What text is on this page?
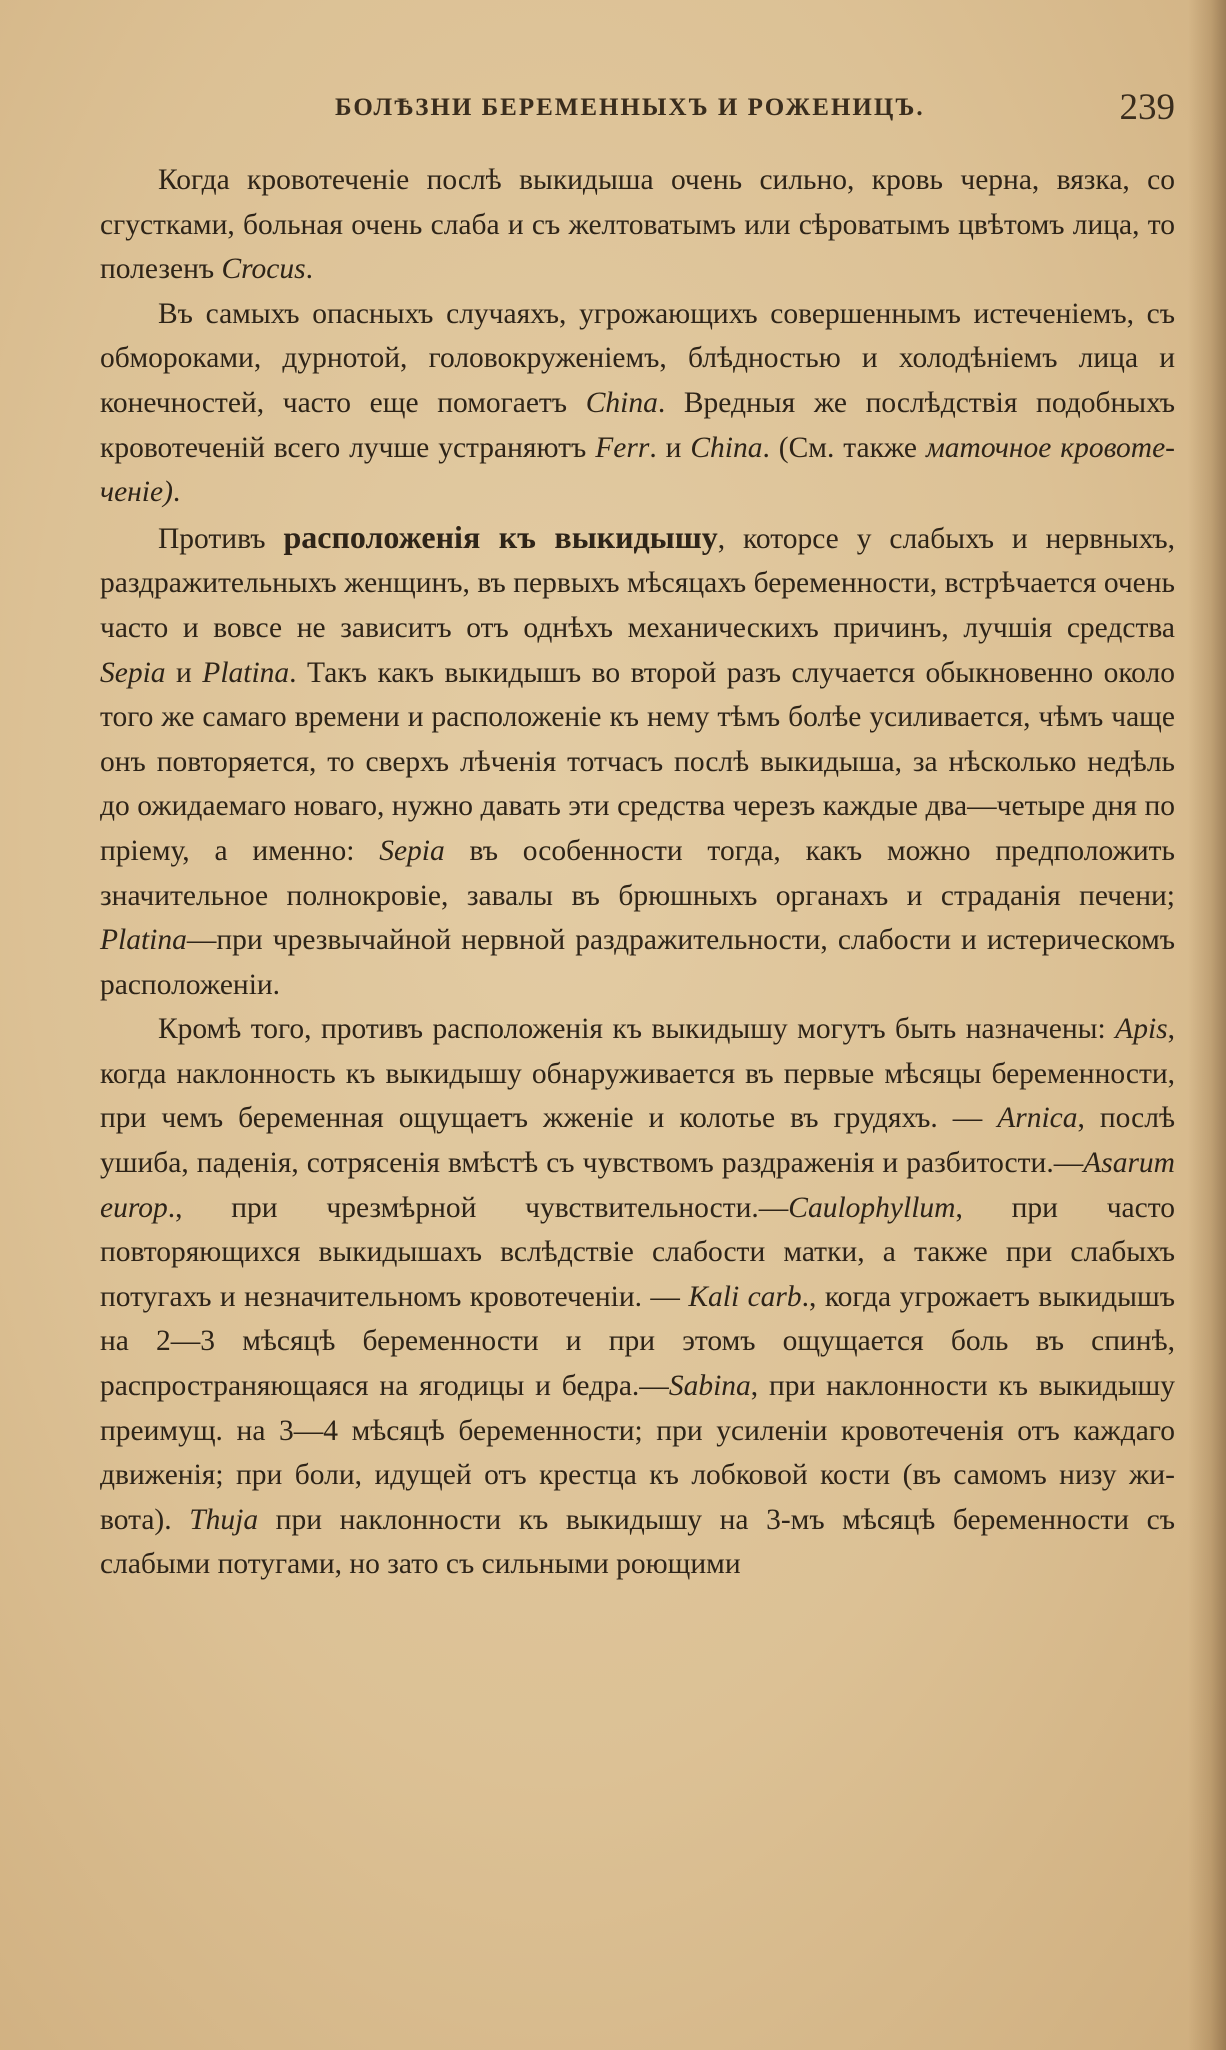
БОЛѢЗНИ БЕРЕМЕННЫХЪ И РОЖЕНИЦЪ.	239

Когда кровотеченіе послѣ выкидыша очень сильно, кровь черна, вязка, со сгустками, больная очень слаба и съ желтоватымъ или сѣроватымъ цвѣтомъ лица, то полезенъ Crocus.

Въ самыхъ опасныхъ случаяхъ, угрожающихъ совершеннымъ истеченіемъ, съ обмороками, дурнотой, головокруженіемъ, блѣдностью и холодѣніемъ лица и конечностей, часто еще помогаетъ China. Вредныя же послѣдствія подобныхъ кровотеченій всего лучше устраняютъ Ferr. и China. (См. также маточное кровотеченіе).

Противъ расположенія къ выкидышу, которсе у слабыхъ и нервныхъ, раздражительныхъ женщинъ, въ первыхъ мѣсяцахъ беременности, встрѣчается очень часто и вовсе не зависитъ отъ однѣхъ механическихъ причинъ, лучшія средства Sepia и Platina. Такъ какъ выкидышъ во второй разъ случается обыкновенно около того же самаго времени и расположеніе къ нему тѣмъ болѣе усиливается, чѣмъ чаще онъ повторяется, то сверхъ лѣченія тотчасъ послѣ выкидыша, за нѣсколько недѣль до ожидаемаго новаго, нужно давать эти средства черезъ каждые два—четыре дня по пріему, а именно: Sepia въ особенности тогда, какъ можно предположить значительное полнокровіе, завалы въ брюшныхъ органахъ и страданія печени; Platina—при чрезвычайной нервной раздражительности, слабости и истерическомъ расположеніи.

Кромѣ того, противъ расположенія къ выкидышу могутъ быть назначены: Apis, когда наклонность къ выкидышу обнаруживается въ первые мѣсяцы беременности, при чемъ беременная ощущаетъ жженіе и колотье въ грудяхъ. — Arnica, послѣ ушиба, паденія, сотрясенія вмѣстѣ съ чувствомъ раздраженія и разбитости.—Asarum europ., при чрезмѣрной чувствительности.—Caulophyllum, при часто повторяющихся выкидышахъ вслѣдствіе слабости матки, а также при слабыхъ потугахъ и незначительномъ кровотеченіи. — Kali carb., когда угрожаетъ выкидышъ на 2—3 мѣсяцѣ беременности и при этомъ ощущается боль въ спинѣ, распространяющаяся на ягодицы и бедра.—Sabina, при наклонности къ выкидышу преимущ. на 3—4 мѣсяцѣ беременности; при усиленіи кровотеченія отъ каждаго движенія; при боли, идущей отъ крестца къ лобковой кости (въ самомъ низу живота). Thuja при наклонности къ выкидышу на 3-мъ мѣсяцѣ беременности съ слабыми потугами, но зато съ сильными роющими
